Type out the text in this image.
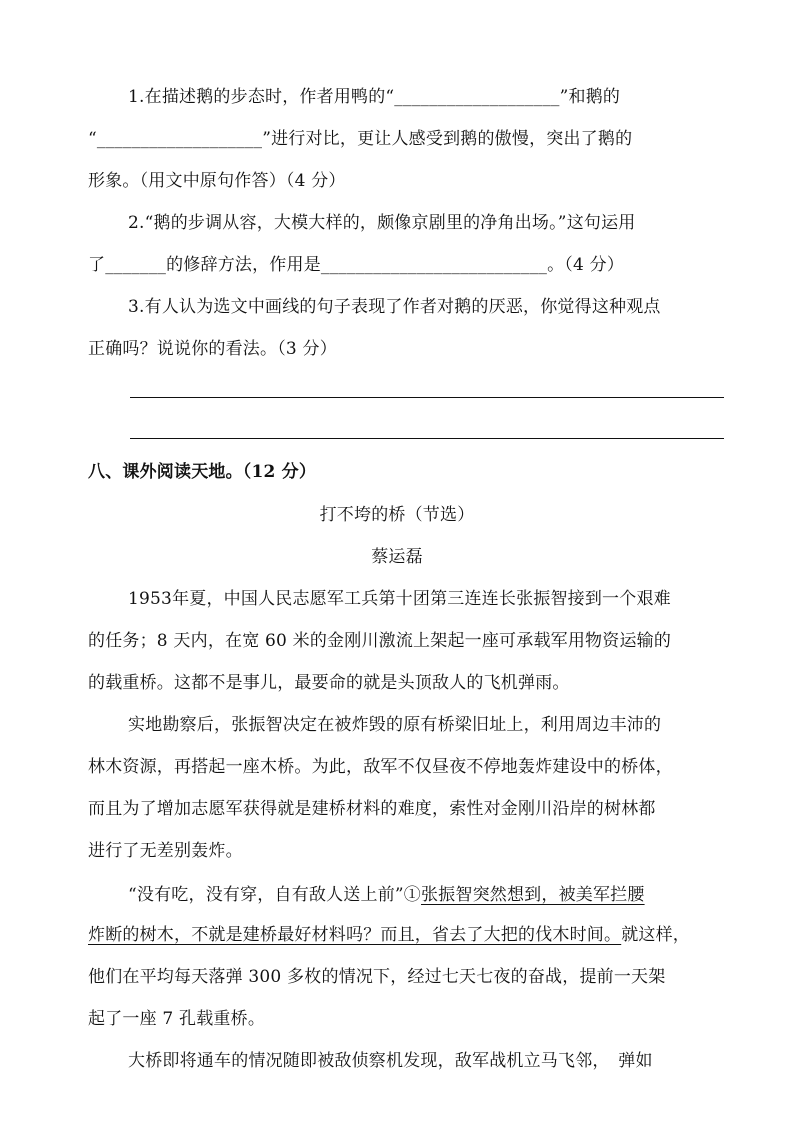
1.在描述鹅的步态时，作者用鸭的“___________________”和鹅的
“___________________”进行对比，更让人感受到鹅的傲慢，突出了鹅的
形象。（用文中原句作答）（4 分）
2.“鹅的步调从容，大模大样的，颇像京剧里的净角出场。”这句运用
了_______的修辞方法，作用是__________________________。（4 分）
3.有人认为选文中画线的句子表现了作者对鹅的厌恶，你觉得这种观点
正确吗？说说你的看法。（3 分）
八、课外阅读天地。（12 分）
打不垮的桥（节选）
蔡运磊
1953年夏，中国人民志愿军工兵第十团第三连连长张振智接到一个艰难
的任务；8 天内，在宽 60 米的金刚川激流上架起一座可承载军用物资运输的
的载重桥。这都不是事儿，最要命的就是头顶敌人的飞机弹雨。
实地勘察后，张振智决定在被炸毁的原有桥梁旧址上，利用周边丰沛的
林木资源，再搭起一座木桥。为此，敌军不仅昼夜不停地轰炸建设中的桥体，
而且为了增加志愿军获得就是建桥材料的难度，索性对金刚川沿岸的树林都
进行了无差别轰炸。
“没有吃，没有穿，自有敌人送上前”①张振智突然想到，被美军拦腰
炸断的树木，不就是建桥最好材料吗？而且，省去了大把的伐木时间。就这样，
他们在平均每天落弹 300 多枚的情况下，经过七天七夜的奋战，提前一天架
起了一座 7 孔载重桥。
大桥即将通车的情况随即被敌侦察机发现，敌军战机立马飞邻，　弹如
